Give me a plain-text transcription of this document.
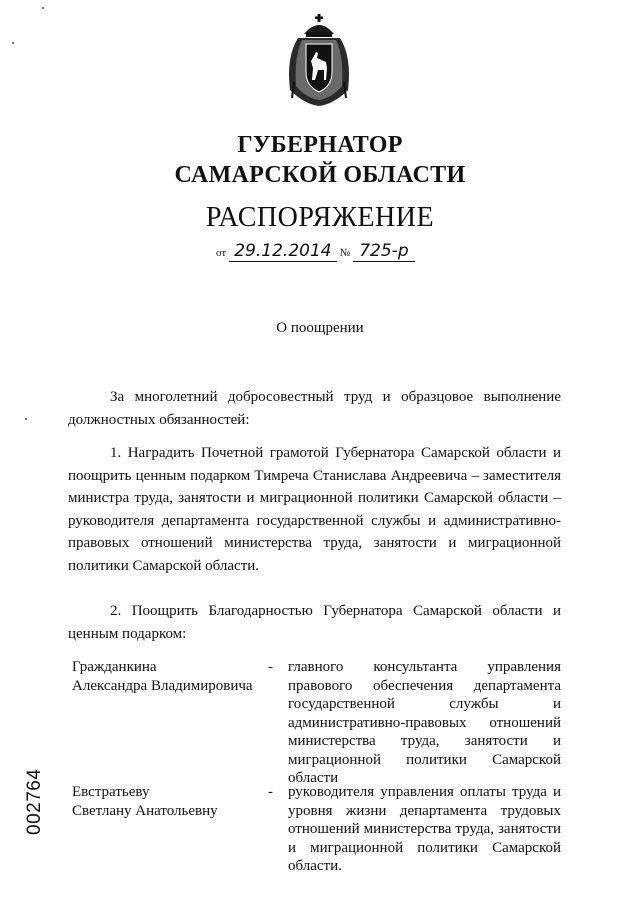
ГУБЕРНАТОР
САМАРСКОЙ ОБЛАСТИ
РАСПОРЯЖЕНИЕ
от 29.12.2014 № 725-р
О поощрении
За многолетний добросовестный труд и образцовое выполнение должностных обязанностей:
1. Наградить Почетной грамотой Губернатора Самарской области и поощрить ценным подарком Тимреча Станислава Андреевича – заместителя министра труда, занятости и миграционной политики Самарской области – руководителя департамента государственной службы и административно-правовых отношений министерства труда, занятости и миграционной политики Самарской области.
2. Поощрить Благодарностью Губернатора Самарской области и ценным подарком:
Гражданкина
Александра Владимировича
- главного консультанта управления правового обеспечения департамента государственной службы и административно-правовых отношений министерства труда, занятости и миграционной политики Самарской области
Евстратьеву
Светлану Анатольевну
- руководителя управления оплаты труда и уровня жизни департамента трудовых отношений министерства труда, занятости и миграционной политики Самарской области.
002764
